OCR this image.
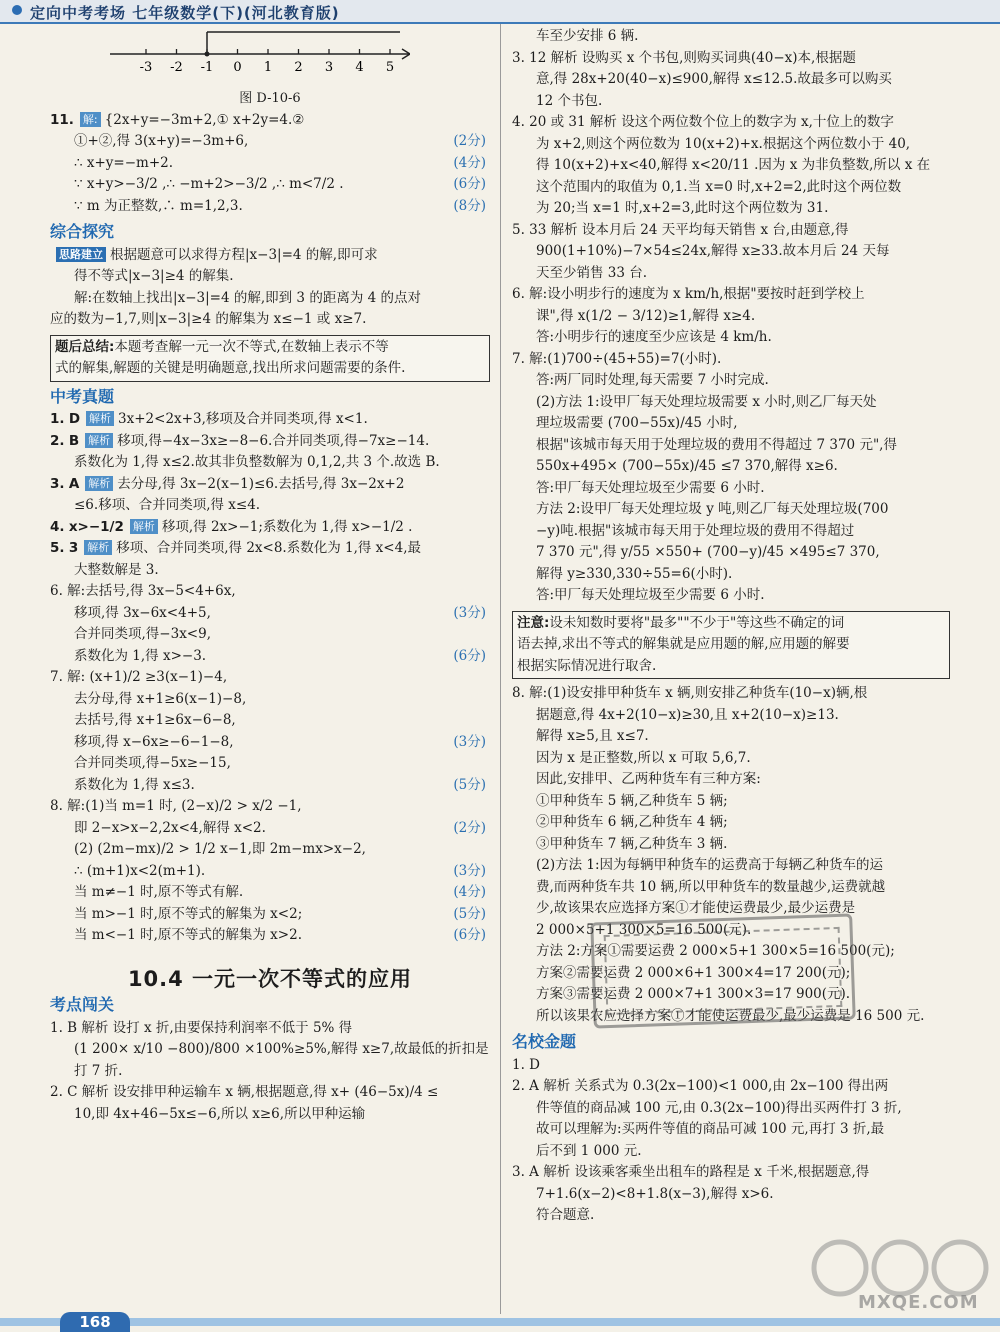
定向中考考场 七年级数学(下)(河北教育版)
-3 -2 -1 0 1 2 3 4 5
图 D-10-6
11. 解: {2x+y=−3m+2,① x+2y=4.②
①+②,得 3(x+y)=−3m+6,	(2分)
∴ x+y=−m+2.	(4分)
∵ x+y>−3/2 ,∴ −m+2>−3/2 ,∴ m<7/2 .	(6分)
∵ m 为正整数,∴ m=1,2,3.	(8分)
综合探究
思路建立 根据题意可以求得方程|x−3|=4 的解,即可求
得不等式|x−3|≥4 的解集.
解:在数轴上找出|x−3|=4 的解,即到 3 的距离为 4 的点对
应的数为−1,7,则|x−3|≥4 的解集为 x≤−1 或 x≥7.
题后总结:本题考查解一元一次不等式,在数轴上表示不等
式的解集,解题的关键是明确题意,找出所求问题需要的条件.
中考真题
1. D 解析 3x+2<2x+3,移项及合并同类项,得 x<1.
2. B 解析 移项,得−4x−3x≥−8−6.合并同类项,得−7x≥−14.
系数化为 1,得 x≤2.故其非负整数解为 0,1,2,共 3 个.故选 B.
3. A 解析 去分母,得 3x−2(x−1)≤6.去括号,得 3x−2x+2
≤6.移项、合并同类项,得 x≤4.
4. x>−1/2 解析 移项,得 2x>−1;系数化为 1,得 x>−1/2 .
5. 3 解析 移项、合并同类项,得 2x<8.系数化为 1,得 x<4,最
大整数解是 3.
6. 解:去括号,得 3x−5<4+6x,
移项,得 3x−6x<4+5,	(3分)
合并同类项,得−3x<9,
系数化为 1,得 x>−3.	(6分)
7. 解: (x+1)/2 ≥3(x−1)−4,
去分母,得 x+1≥6(x−1)−8,
去括号,得 x+1≥6x−6−8,
移项,得 x−6x≥−6−1−8,	(3分)
合并同类项,得−5x≥−15,
系数化为 1,得 x≤3.	(5分)
8. 解:(1)当 m=1 时, (2−x)/2 > x/2 −1,
即 2−x>x−2,2x<4,解得 x<2.	(2分)
(2) (2m−mx)/2 > 1/2 x−1,即 2m−mx>x−2,
∴ (m+1)x<2(m+1).	(3分)
当 m≠−1 时,原不等式有解.	(4分)
当 m>−1 时,原不等式的解集为 x<2;	(5分)
当 m<−1 时,原不等式的解集为 x>2.	(6分)
10.4 一元一次不等式的应用
考点闯关
1. B 解析 设打 x 折,由要保持利润率不低于 5% 得
(1 200× x/10 −800)/800 ×100%≥5%,解得 x≥7,故最低的折扣是
打 7 折.
2. C 解析 设安排甲种运输车 x 辆,根据题意,得 x+ (46−5x)/4 ≤
10,即 4x+46−5x≤−6,所以 x≥6,所以甲种运输
车至少安排 6 辆.
3. 12 解析 设购买 x 个书包,则购买词典(40−x)本,根据题
意,得 28x+20(40−x)≤900,解得 x≤12.5.故最多可以购买
12 个书包.
4. 20 或 31 解析 设这个两位数个位上的数字为 x,十位上的数字
为 x+2,则这个两位数为 10(x+2)+x.根据这个两位数小于 40,
得 10(x+2)+x<40,解得 x<20/11 .因为 x 为非负整数,所以 x 在
这个范围内的取值为 0,1.当 x=0 时,x+2=2,此时这个两位数
为 20;当 x=1 时,x+2=3,此时这个两位数为 31.
5. 33 解析 设本月后 24 天平均每天销售 x 台,由题意,得
900(1+10%)−7×54≤24x,解得 x≥33.故本月后 24 天每
天至少销售 33 台.
6. 解:设小明步行的速度为 x km/h,根据"要按时赶到学校上
课",得 x(1/2 − 3/12)≥1,解得 x≥4.
答:小明步行的速度至少应该是 4 km/h.
7. 解:(1)700÷(45+55)=7(小时).
答:两厂同时处理,每天需要 7 小时完成.
(2)方法 1:设甲厂每天处理垃圾需要 x 小时,则乙厂每天处
理垃圾需要 (700−55x)/45 小时,
根据"该城市每天用于处理垃圾的费用不得超过 7 370 元",得
550x+495× (700−55x)/45 ≤7 370,解得 x≥6.
答:甲厂每天处理垃圾至少需要 6 小时.
方法 2:设甲厂每天处理垃圾 y 吨,则乙厂每天处理垃圾(700
−y)吨.根据"该城市每天用于处理垃圾的费用不得超过
7 370 元",得 y/55 ×550+ (700−y)/45 ×495≤7 370,
解得 y≥330,330÷55=6(小时).
答:甲厂每天处理垃圾至少需要 6 小时.
注意:设未知数时要将"最多""不少于"等这些不确定的词
语去掉,求出不等式的解集就是应用题的解,应用题的解要
根据实际情况进行取舍.
8. 解:(1)设安排甲种货车 x 辆,则安排乙种货车(10−x)辆,根
据题意,得 4x+2(10−x)≥30,且 x+2(10−x)≥13.
解得 x≥5,且 x≤7.
因为 x 是正整数,所以 x 可取 5,6,7.
因此,安排甲、乙两种货车有三种方案:
①甲种货车 5 辆,乙种货车 5 辆;
②甲种货车 6 辆,乙种货车 4 辆;
③甲种货车 7 辆,乙种货车 3 辆.
(2)方法 1:因为每辆甲种货车的运费高于每辆乙种货车的运
费,而两种货车共 10 辆,所以甲种货车的数量越少,运费就越
少,故该果农应选择方案①才能使运费最少,最少运费是
2 000×5+1 300×5=16 500(元).
方法 2:方案①需要运费 2 000×5+1 300×5=16 500(元);
方案②需要运费 2 000×6+1 300×4=17 200(元);
方案③需要运费 2 000×7+1 300×3=17 900(元).
所以该果农应选择方案①才能使运费最少,最少运费是 16 500 元.
名校金题
1. D
2. A 解析 关系式为 0.3(2x−100)<1 000,由 2x−100 得出两
件等值的商品减 100 元,由 0.3(2x−100)得出买两件打 3 折,
故可以理解为:买两件等值的商品可减 100 元,再打 3 折,最
后不到 1 000 元.
3. A 解析 设该乘客乘坐出租车的路程是 x 千米,根据题意,得
7+1.6(x−2)<8+1.8(x−3),解得 x>6.
符合题意.
MXQE.COM
168
